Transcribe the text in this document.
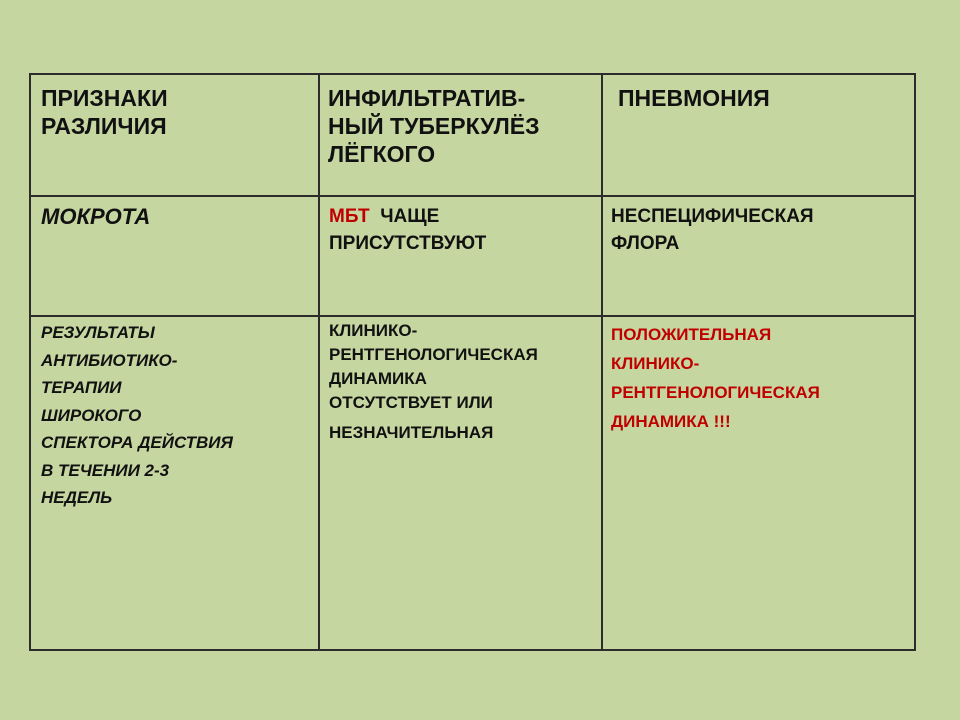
ПРИЗНАКИ
РАЗЛИЧИЯ
ИНФИЛЬТРАТИВ-
НЫЙ ТУБЕРКУЛЁЗ
ЛЁГКОГО
ПНЕВМОНИЯ
МОКРОТА	МБТ ЧАЩЕ
ПРИСУТСТВУЮТ
НЕСПЕЦИФИЧЕСКАЯ
ФЛОРА
РЕЗУЛЬТАТЫ
АНТИБИОТИКО-
ТЕРАПИИ
ШИРОКОГО
СПЕКТОРА ДЕЙСТВИЯ
В ТЕЧЕНИИ 2-3
НЕДЕЛЬ
КЛИНИКО-
РЕНТГЕНОЛОГИЧЕСКАЯ
ДИНАМИКА
ОТСУТСТВУЕТ ИЛИ
НЕЗНАЧИТЕЛЬНАЯ
ПОЛОЖИТЕЛЬНАЯ
КЛИНИКО-
РЕНТГЕНОЛОГИЧЕСКАЯ
ДИНАМИКА !!!
